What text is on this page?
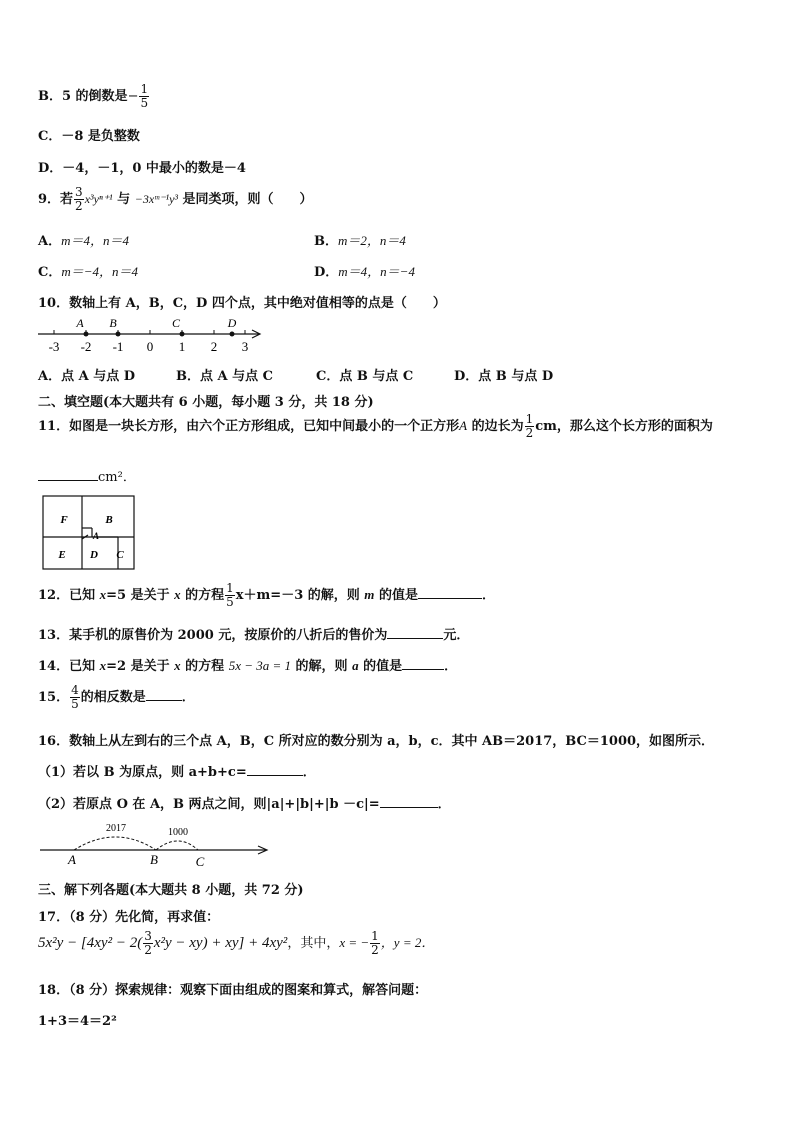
B．5 的倒数是− $\frac{1}{5}$
C．－8 是负整数
D．－4，－1，0 中最小的数是－4
9．若 $\frac{3}{2} x^3y^{n+1}$ 与 −3xᵐ⁻¹y³ 是同类项，则（　　）
A．m＝4，n＝4	B．m＝2，n＝4
C．m＝−4，n＝4	D．m＝4，n＝−4
10．数轴上有 A，B，C，D 四个点，其中绝对值相等的点是（　　）
-3 -2 -1 0 1 2 3
A B	C	D
A．点 A 与点 D	B．点 A 与点 C	C．点 B 与点 C	D．点 B 与点 D
二、填空题(本大题共有 6 小题，每小题 3 分，共 18 分)
11．如图是一块长方形，由六个正方形组成，已知中间最小的一个正方形A 的边长为 $\frac{1}{2}$ cm，那么这个长方形的面积为
cm²．
F	B
A
E D C
12．已知 x=5 是关于 x 的方程 $\frac{1}{5} x+m=-3$ 的解，则 m 的值是	．
13．某手机的原售价为 2000 元，按原价的八折后的售价为	元．
14．已知 x=2 是关于 x 的方程 5x − 3a = 1 的解，则 a 的值是	．
15． $\frac{4}{5}$ 的相反数是	．
16．数轴上从左到右的三个点 A，B，C 所对应的数分别为 a，b，c．其中 AB＝2017，BC＝1000，如图所示．
（1）若以 B 为原点，则 a+b+c=	．
（2）若原点 O 在 A，B 两点之间，则|a|+|b|+|b －c|=	．
2017	1000
A	B	C
三、解下列各题(本大题共 8 小题，共 72 分)
17．（8 分）先化简，再求值：
$5x^2y - [4xy^2 - 2( \frac{3}{2} x^2y - xy) + xy] + 4xy^2$，其中，x = − $\frac{1}{2}$ ，y = 2．
18．（8 分）探索规律：观察下面由组成的图案和算式，解答问题：
1+3＝4＝2²
